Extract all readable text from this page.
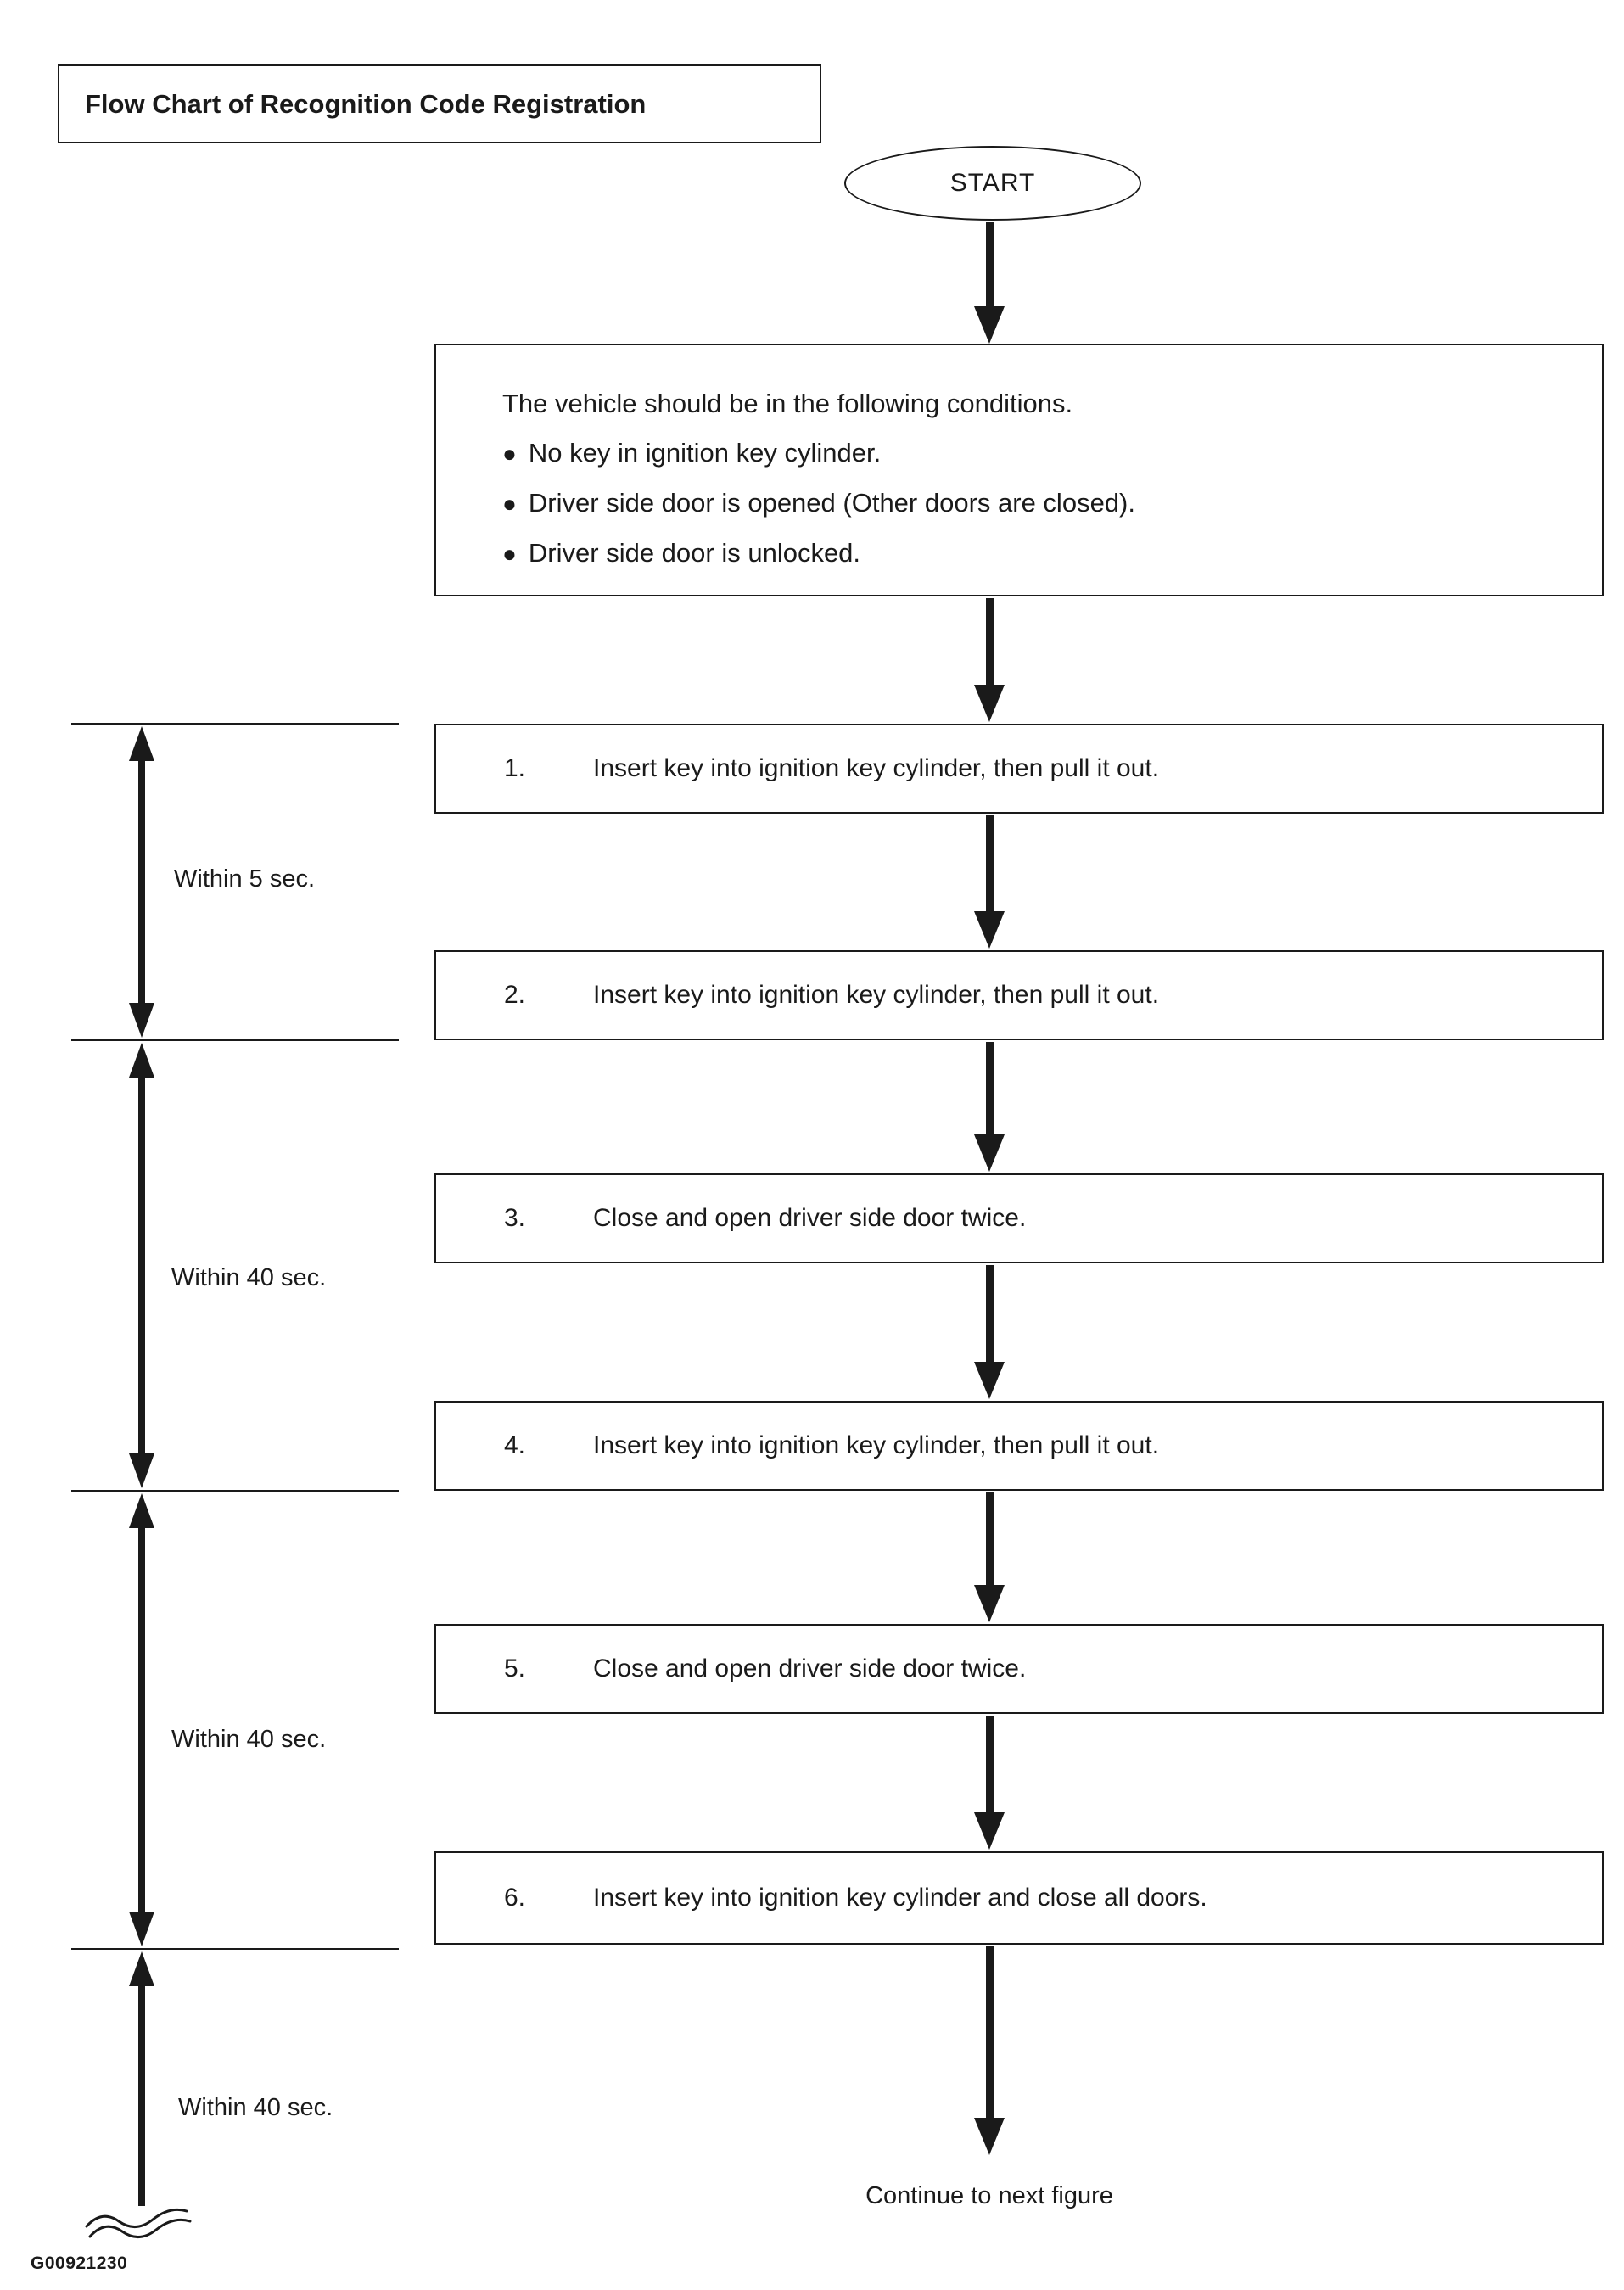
Flow Chart of Recognition Code Registration
START
The vehicle should be in the following conditions.
● No key in ignition key cylinder.
● Driver side door is opened (Other doors are closed).
● Driver side door is unlocked.
1.	Insert key into ignition key cylinder, then pull it out.
2.	Insert key into ignition key cylinder, then pull it out.
3.	Close and open driver side door twice.
4.	Insert key into ignition key cylinder, then pull it out.
5.	Close and open driver side door twice.
6.	Insert key into ignition key cylinder and close all doors.
Continue to next figure
Within 5 sec.
Within 40 sec.
Within 40 sec.
Within 40 sec.
G00921230
